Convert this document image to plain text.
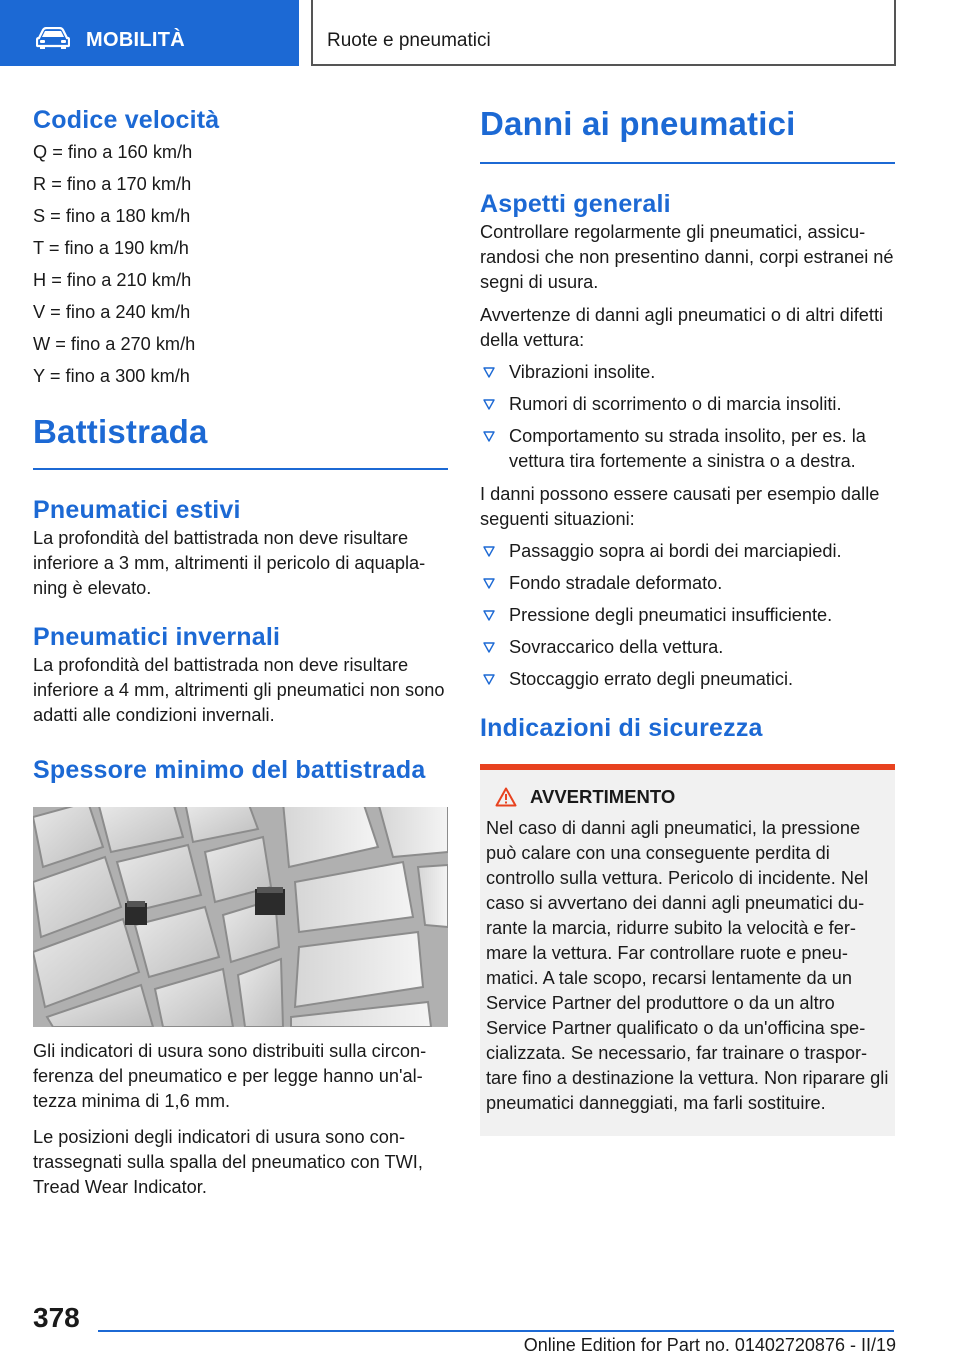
MOBILITÀ	Ruote e pneumatici
Codice velocità
Q = fino a 160 km/h
R = fino a 170 km/h
S = fino a 180 km/h
T = fino a 190 km/h
H = fino a 210 km/h
V = fino a 240 km/h
W = fino a 270 km/h
Y = fino a 300 km/h
Battistrada
Pneumatici estivi

La profondità del battistrada non deve risultare inferiore a 3 mm, altrimenti il pericolo di aquaplaning è elevato.

Pneumatici invernali

La profondità del battistrada non deve risultare inferiore a 4 mm, altrimenti gli pneumatici non sono adatti alle condizioni invernali.

Spessore minimo del battistrada

Gli indicatori di usura sono distribuiti sulla circonferenza del pneumatico e per legge hanno un'altezza minima di 1,6 mm.

Le posizioni degli indicatori di usura sono contrassegnati sulla spalla del pneumatico con TWI, Tread Wear Indicator.

Danni ai pneumatici
Aspetti generali

Controllare regolarmente gli pneumatici, assicurandosi che non presentino danni, corpi estranei né segni di usura.

Avvertenze di danni agli pneumatici o di altri difetti della vettura:

Vibrazioni insolite.
Rumori di scorrimento o di marcia insoliti.
Comportamento su strada insolito, per es. la vettura tira fortemente a sinistra o a destra.

I danni possono essere causati per esempio dalle seguenti situazioni:

Passaggio sopra ai bordi dei marciapiedi.
Fondo stradale deformato.
Pressione degli pneumatici insufficiente.
Sovraccarico della vettura.
Stoccaggio errato degli pneumatici.
Indicazioni di sicurezza
AVVERTIMENTO

Nel caso di danni agli pneumatici, la pressione può calare con una conseguente perdita di controllo sulla vettura. Pericolo di incidente. Nel caso si avvertano dei danni agli pneumatici durante la marcia, ridurre subito la velocità e fermare la vettura. Far controllare ruote e pneumatici. A tale scopo, recarsi lentamente da un Service Partner del produttore o da un altro Service Partner qualificato o da un'officina specializzata. Se necessario, far trainare o trasportare fino a destinazione la vettura. Non riparare gli pneumatici danneggiati, ma farli sostituire.

378
Online Edition for Part no. 01402720876 - II/19
